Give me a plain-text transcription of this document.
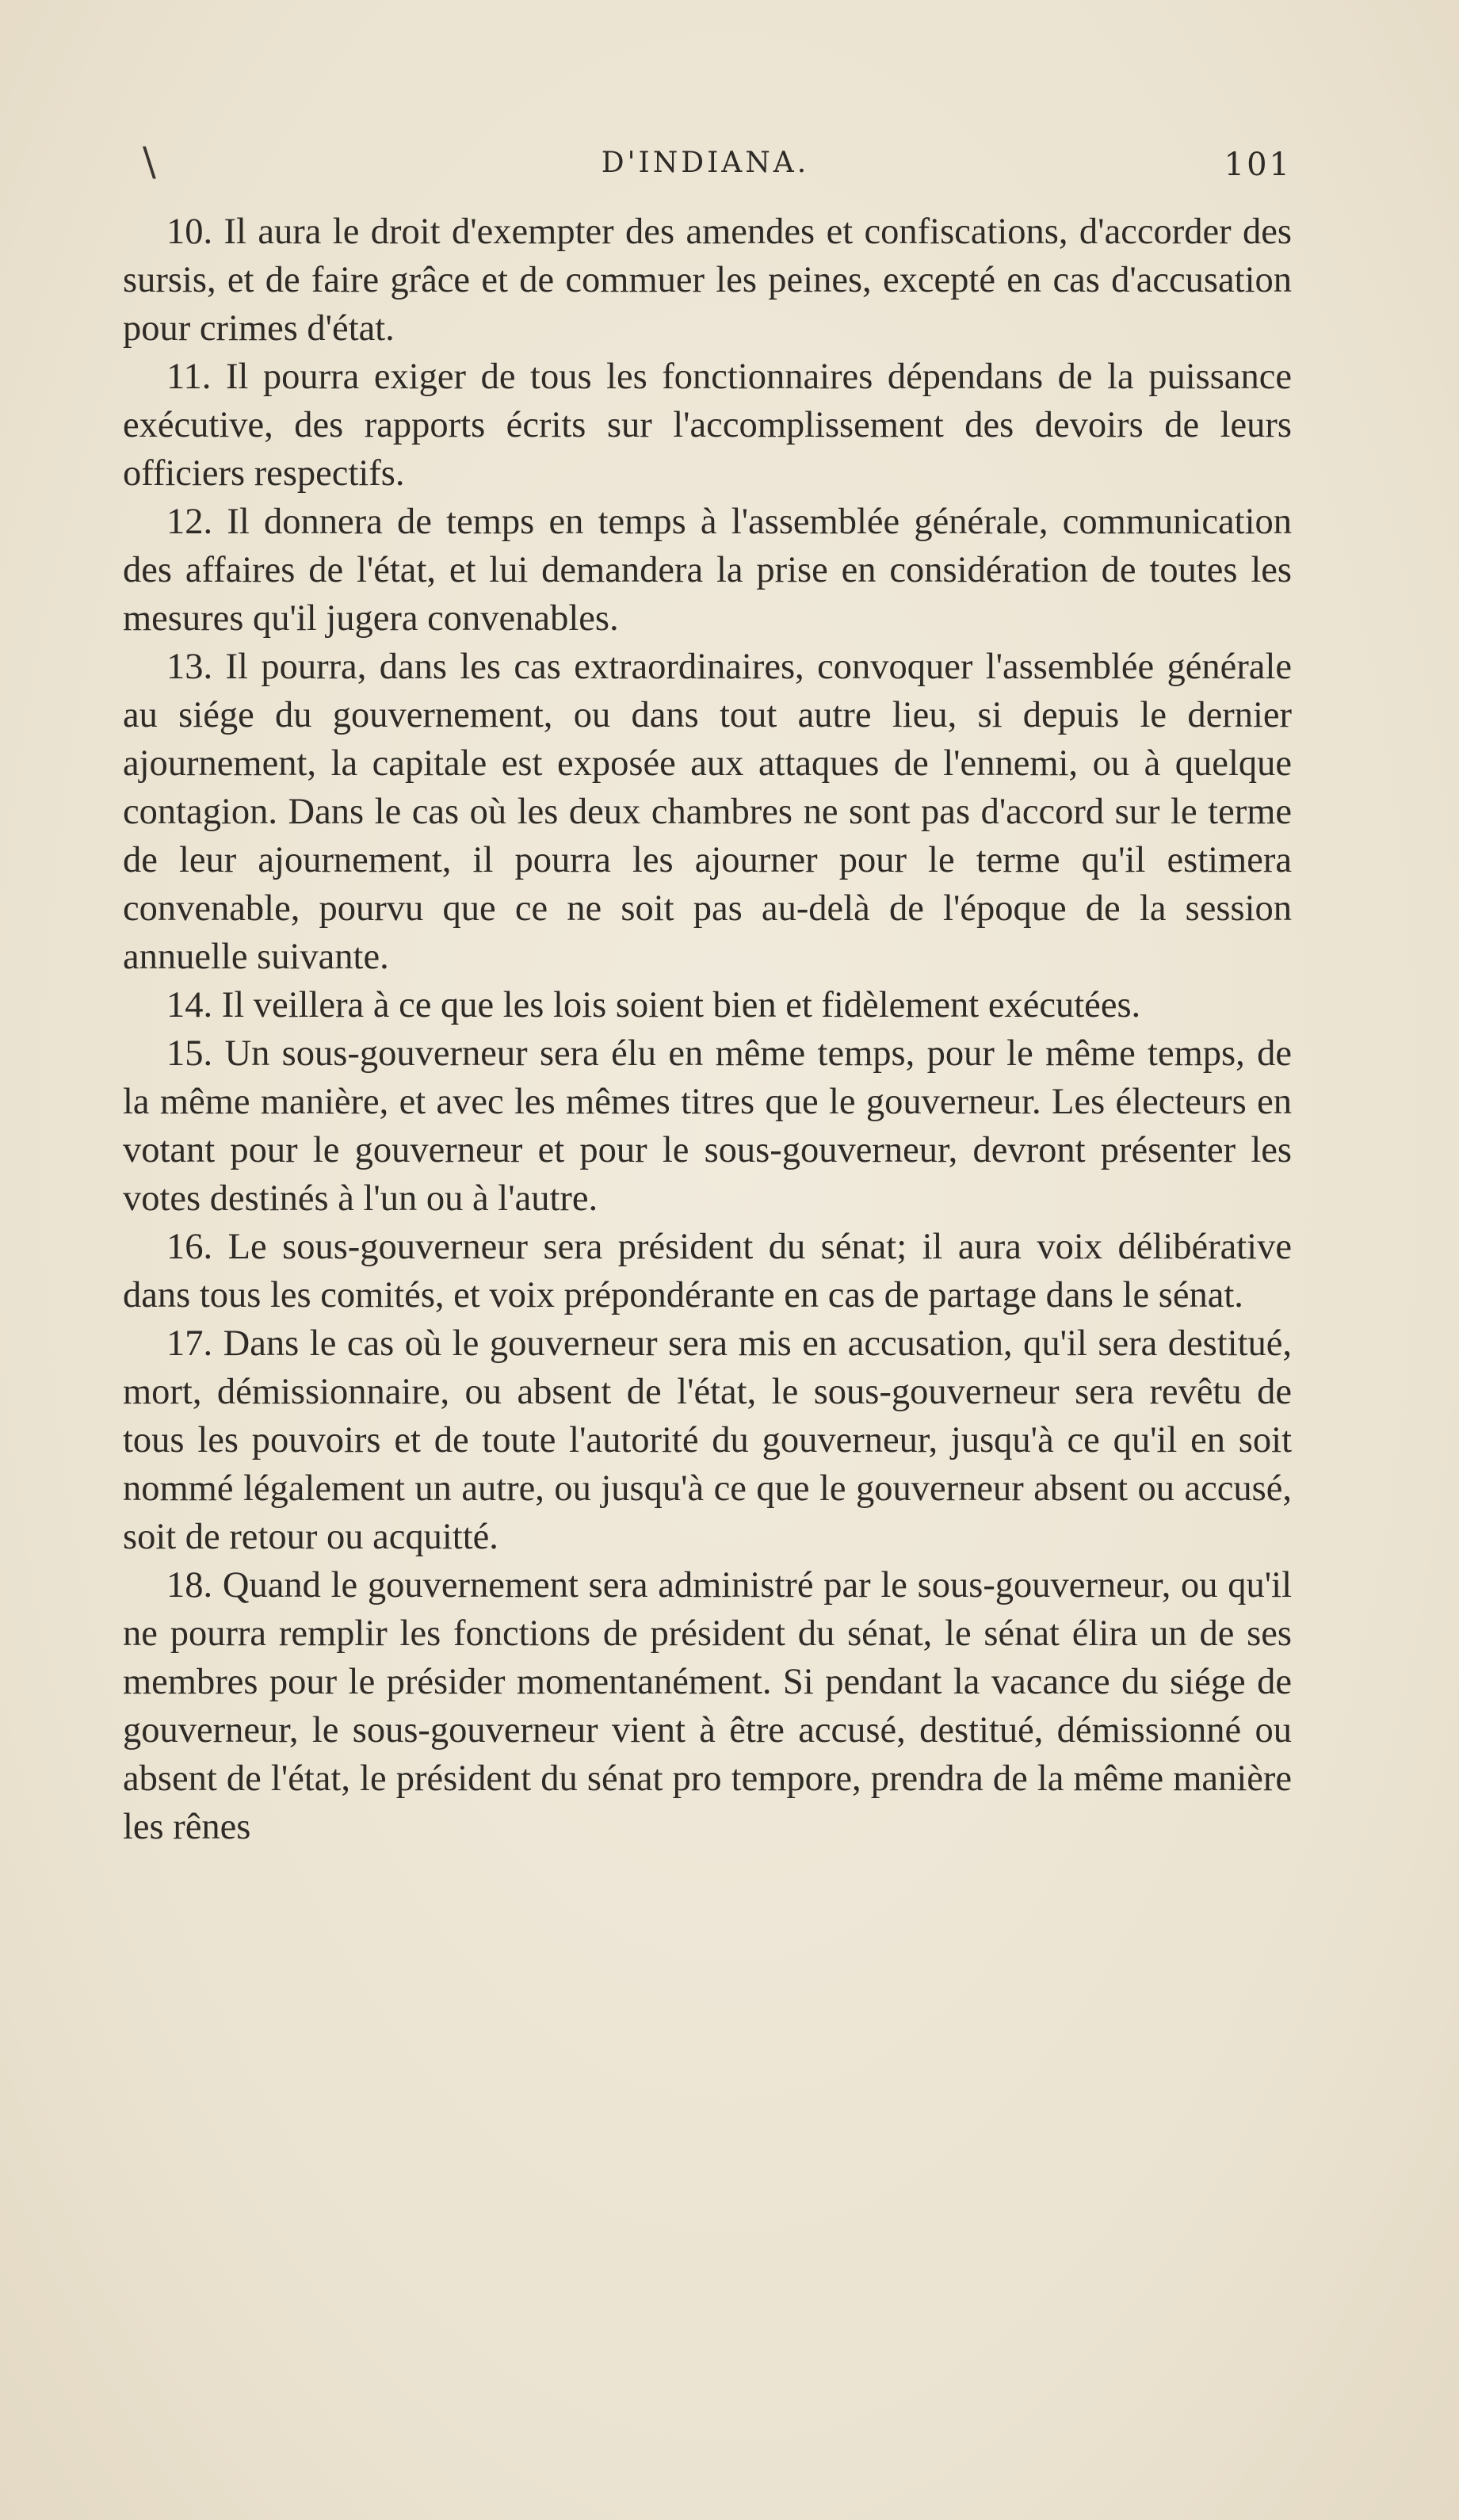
\	D'INDIANA.	101

10. Il aura le droit d'exempter des amendes et confiscations, d'accorder des sursis, et de faire grâce et de commuer les peines, excepté en cas d'accusation pour crimes d'état.

11. Il pourra exiger de tous les fonctionnaires dépendans de la puissance exécutive, des rapports écrits sur l'accomplissement des devoirs de leurs officiers respectifs.

12. Il donnera de temps en temps à l'assemblée générale, communication des affaires de l'état, et lui demandera la prise en considération de toutes les mesures qu'il jugera convenables.

13. Il pourra, dans les cas extraordinaires, convoquer l'assemblée générale au siége du gouvernement, ou dans tout autre lieu, si depuis le dernier ajournement, la capitale est exposée aux attaques de l'ennemi, ou à quelque contagion. Dans le cas où les deux chambres ne sont pas d'accord sur le terme de leur ajournement, il pourra les ajourner pour le terme qu'il estimera convenable, pourvu que ce ne soit pas au-delà de l'époque de la session annuelle suivante.

14. Il veillera à ce que les lois soient bien et fidèlement exécutées.

15. Un sous-gouverneur sera élu en même temps, pour le même temps, de la même manière, et avec les mêmes titres que le gouverneur. Les électeurs en votant pour le gouverneur et pour le sous-gouverneur, devront présenter les votes destinés à l'un ou à l'autre.

16. Le sous-gouverneur sera président du sénat; il aura voix délibérative dans tous les comités, et voix prépondérante en cas de partage dans le sénat.

17. Dans le cas où le gouverneur sera mis en accusation, qu'il sera destitué, mort, démissionnaire, ou absent de l'état, le sous-gouverneur sera revêtu de tous les pouvoirs et de toute l'autorité du gouverneur, jusqu'à ce qu'il en soit nommé légalement un autre, ou jusqu'à ce que le gouverneur absent ou accusé, soit de retour ou acquitté.

18. Quand le gouvernement sera administré par le sous-gouverneur, ou qu'il ne pourra remplir les fonctions de président du sénat, le sénat élira un de ses membres pour le présider momentanément. Si pendant la vacance du siége de gouverneur, le sous-gouverneur vient à être accusé, destitué, démissionné ou absent de l'état, le président du sénat pro tempore, prendra de la même manière les rênes
